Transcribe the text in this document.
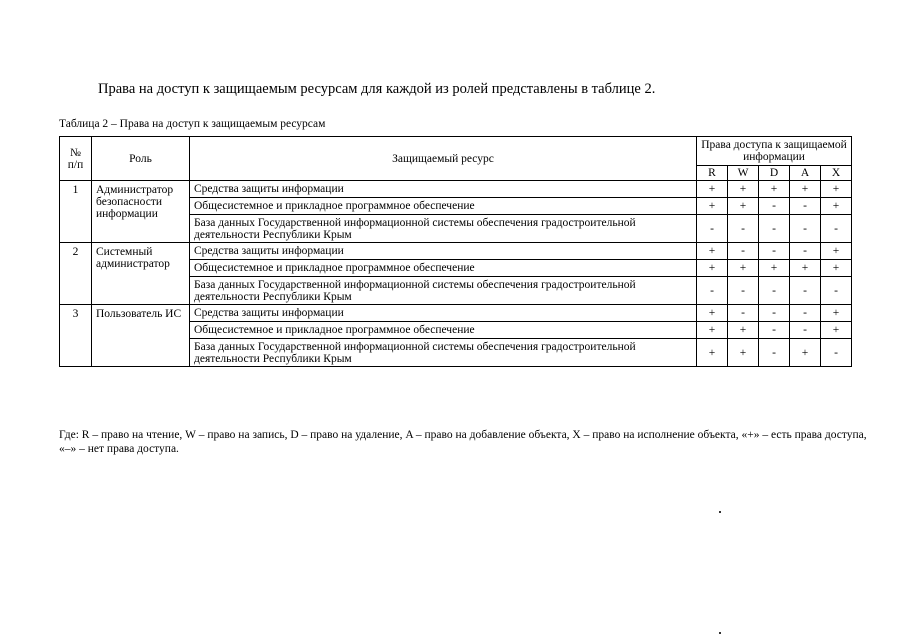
Права на доступ к защищаемым ресурсам для каждой из ролей представлены в таблице 2.
Таблица 2 – Права на доступ к защищаемым ресурсам
№ п/п	Роль	Защищаемый ресурс	Права доступа к защищаемой информации				
			R	W	D	A	X
1	Администратор безопасности информации	Средства защиты информации	+	+	+	+	+
		Общесистемное и прикладное программное обеспечение	+	+	-	-	+
		База данных Государственной информационной системы обеспечения градостроительной деятельности Республики Крым	-	-	-	-	-
2	Системный администратор	Средства защиты информации	+	-	-	-	+
		Общесистемное и прикладное программное обеспечение	+	+	+	+	+
		База данных Государственной информационной системы обеспечения градостроительной деятельности Республики Крым	-	-	-	-	-
3	Пользователь ИС	Средства защиты информации	+	-	-	-	+
		Общесистемное и прикладное программное обеспечение	+	+	-	-	+
		База данных Государственной информационной системы обеспечения градостроительной деятельности Республики Крым	+	+	-	+	-
Где: R – право на чтение, W – право на запись, D – право на удаление, A – право на добавление объекта, X – право на исполнение объекта, «+» – есть права доступа, «–» – нет права доступа.
